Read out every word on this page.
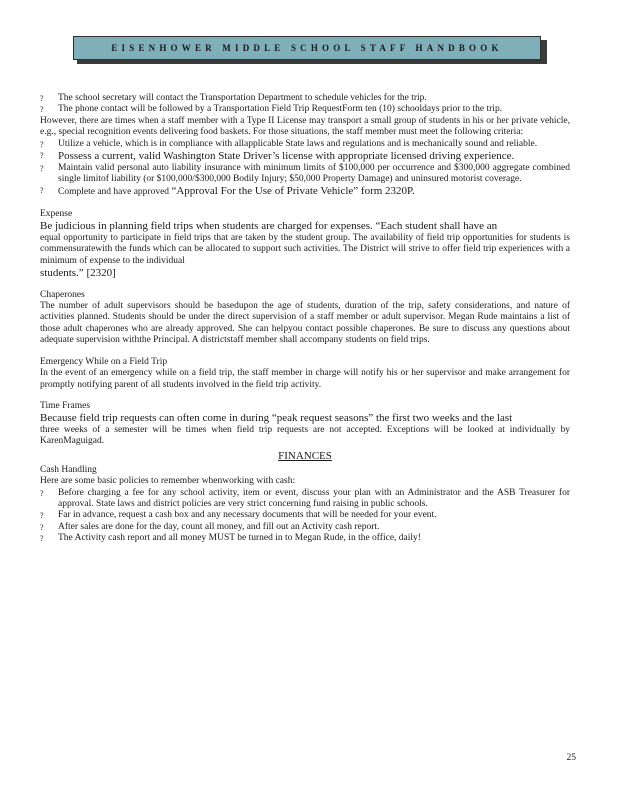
EISENHOWER MIDDLE SCHOOL STAFF HANDBOOK
? The school secretary will contact the Transportation Department to schedule vehicles for the trip.
? The phone contact will be followed by a Transportation Field Trip RequestForm ten (10) schooldays prior to the trip.
However, there are times when a staff member with a Type II License may transport a small group of students in his or her private vehicle, e.g., special recognition events delivering food baskets. For those situations, the staff member must meet the following criteria:
? Utilize a vehicle, which is in compliance with allapplicable State laws and regulations and is mechanically sound and reliable.
? Possess a current, valid Washington State Driver’s license with appropriate licensed driving experience.
? Maintain valid personal auto liability insurance with minimum limits of $100,000 per occurrence and $300,000 aggregate combined single limitof liability (or $100,000/$300,000 Bodily Injury; $50,000 Property Damage) and uninsured motorist coverage.
? Complete and have approved “Approval For the Use of Private Vehicle” form 2320P.
Expense
Be judicious in planning field trips when students are charged for expenses. “Each student shall have an
equal opportunity to participate in field trips that are taken by the student group. The availability of field trip opportunities for students is commensuratewith the funds which can be allocated to support such activities. The District will strive to offer field trip experiences with a minimum of expense to the individual
students.” [2320]
Chaperones
The number of adult supervisors should be basedupon the age of students, duration of the trip, safety considerations, and nature of activities planned. Students should be under the direct supervision of a staff member or adult supervisor. Megan Rude maintains a list of those adult chaperones who are already approved. She can helpyou contact possible chaperones. Be sure to discuss any questions about adequate supervision withthe Principal. A districtstaff member shall accompany students on field trips.
Emergency While on a Field Trip
In the event of an emergency while on a field trip, the staff member in charge will notify his or her supervisor and make arrangement for promptly notifying parent of all students involved in the field trip activity.
Time Frames
Because field trip requests can often come in during “peak request seasons” the first two weeks and the last
three weeks of a semester will be times when field trip requests are not accepted. Exceptions will be looked at individually by KarenMaguigad.
FINANCES
Cash Handling
Here are some basic policies to remember whenworking with cash:
? Before charging a fee for any school activity, item or event, discuss your plan with an Administrator and the ASB Treasurer for approval. State laws and district policies are very strict concerning fund raising in public schools.
? Far in advance, request a cash box and any necessary documents that will be needed for your event.
? After sales are done for the day, count all money, and fill out an Activity cash report.
? The Activity cash report and all money MUST be turned in to Megan Rude, in the office, daily!
25
